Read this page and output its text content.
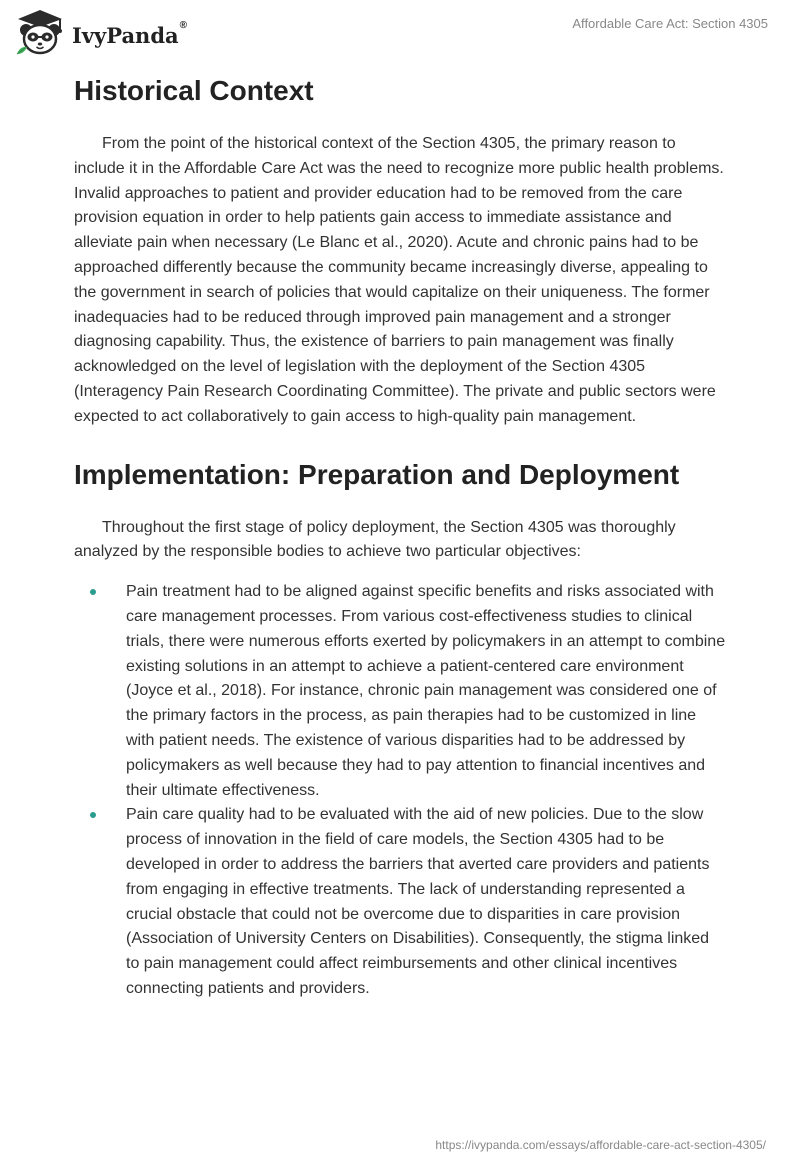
IvyPanda®	Affordable Care Act: Section 4305
Historical Context

From the point of the historical context of the Section 4305, the primary reason to include it in the Affordable Care Act was the need to recognize more public health problems. Invalid approaches to patient and provider education had to be removed from the care provision equation in order to help patients gain access to immediate assistance and alleviate pain when necessary (Le Blanc et al., 2020). Acute and chronic pains had to be approached differently because the community became increasingly diverse, appealing to the government in search of policies that would capitalize on their uniqueness. The former inadequacies had to be reduced through improved pain management and a stronger diagnosing capability. Thus, the existence of barriers to pain management was finally acknowledged on the level of legislation with the deployment of the Section 4305 (Interagency Pain Research Coordinating Committee). The private and public sectors were expected to act collaboratively to gain access to high-quality pain management.

Implementation: Preparation and Deployment

Throughout the first stage of policy deployment, the Section 4305 was thoroughly analyzed by the responsible bodies to achieve two particular objectives:

Pain treatment had to be aligned against specific benefits and risks associated with care management processes. From various cost-effectiveness studies to clinical trials, there were numerous efforts exerted by policymakers in an attempt to combine existing solutions in an attempt to achieve a patient-centered care environment (Joyce et al., 2018). For instance, chronic pain management was considered one of the primary factors in the process, as pain therapies had to be customized in line with patient needs. The existence of various disparities had to be addressed by policymakers as well because they had to pay attention to financial incentives and their ultimate effectiveness.
Pain care quality had to be evaluated with the aid of new policies. Due to the slow process of innovation in the field of care models, the Section 4305 had to be developed in order to address the barriers that averted care providers and patients from engaging in effective treatments. The lack of understanding represented a crucial obstacle that could not be overcome due to disparities in care provision (Association of University Centers on Disabilities). Consequently, the stigma linked to pain management could affect reimbursements and other clinical incentives connecting patients and providers.
https://ivypanda.com/essays/affordable-care-act-section-4305/
